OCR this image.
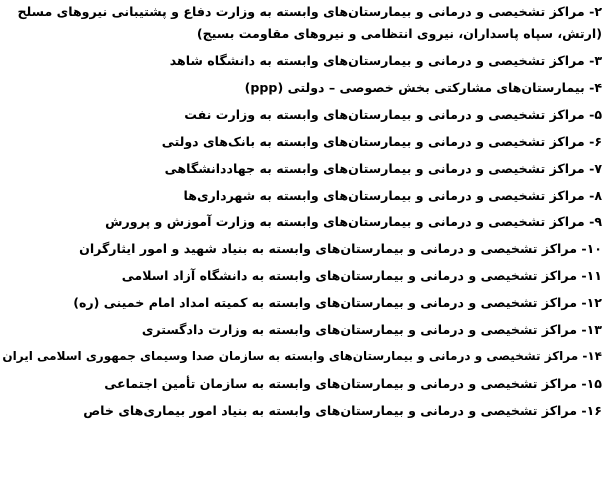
۲- مراکز تشخیصی و درمانی و بیمارستان‌های وابسته به وزارت دفاع و پشتیبانی نیروهای مسلح (ارتش، سپاه پاسداران، نیروی انتظامی و نیروهای مقاومت بسیج)
۳- مراکز تشخیصی و درمانی و بیمارستان‌های وابسته به دانشگاه شاهد
۴- بیمارستان‌های مشارکتی بخش خصوصی – دولتی (ppp)
۵- مراکز تشخیصی و درمانی و بیمارستان‌های وابسته به وزارت نفت
۶- مراکز تشخیصی و درمانی و بیمارستان‌های وابسته به بانک‌های دولتی
۷- مراکز تشخیصی و درمانی و بیمارستان‌های وابسته به جهاددانشگاهی
۸- مراکز تشخیصی و درمانی و بیمارستان‌های وابسته به شهرداری‌ها
۹- مراکز تشخیصی و درمانی و بیمارستان‌های وابسته به وزارت آموزش و پرورش
۱۰- مراکز تشخیصی و درمانی و بیمارستان‌های وابسته به بنیاد شهید و امور ایثارگران
۱۱- مراکز تشخیصی و درمانی و بیمارستان‌های وابسته به دانشگاه آزاد اسلامی
۱۲- مراکز تشخیصی و درمانی و بیمارستان‌های وابسته به کمیته امداد امام خمینی (ره)
۱۳- مراکز تشخیصی و درمانی و بیمارستان‌های وابسته به وزارت دادگستری
۱۴- مراکز تشخیصی و درمانی و بیمارستان‌های وابسته به سازمان صدا وسیمای جمهوری اسلامی ایران
۱۵- مراکز تشخیصی و درمانی و بیمارستان‌های وابسته به سازمان تأمین اجتماعی
۱۶- مراکز تشخیصی و درمانی و بیمارستان‌های وابسته به بنیاد امور بیماری‌های خاص
